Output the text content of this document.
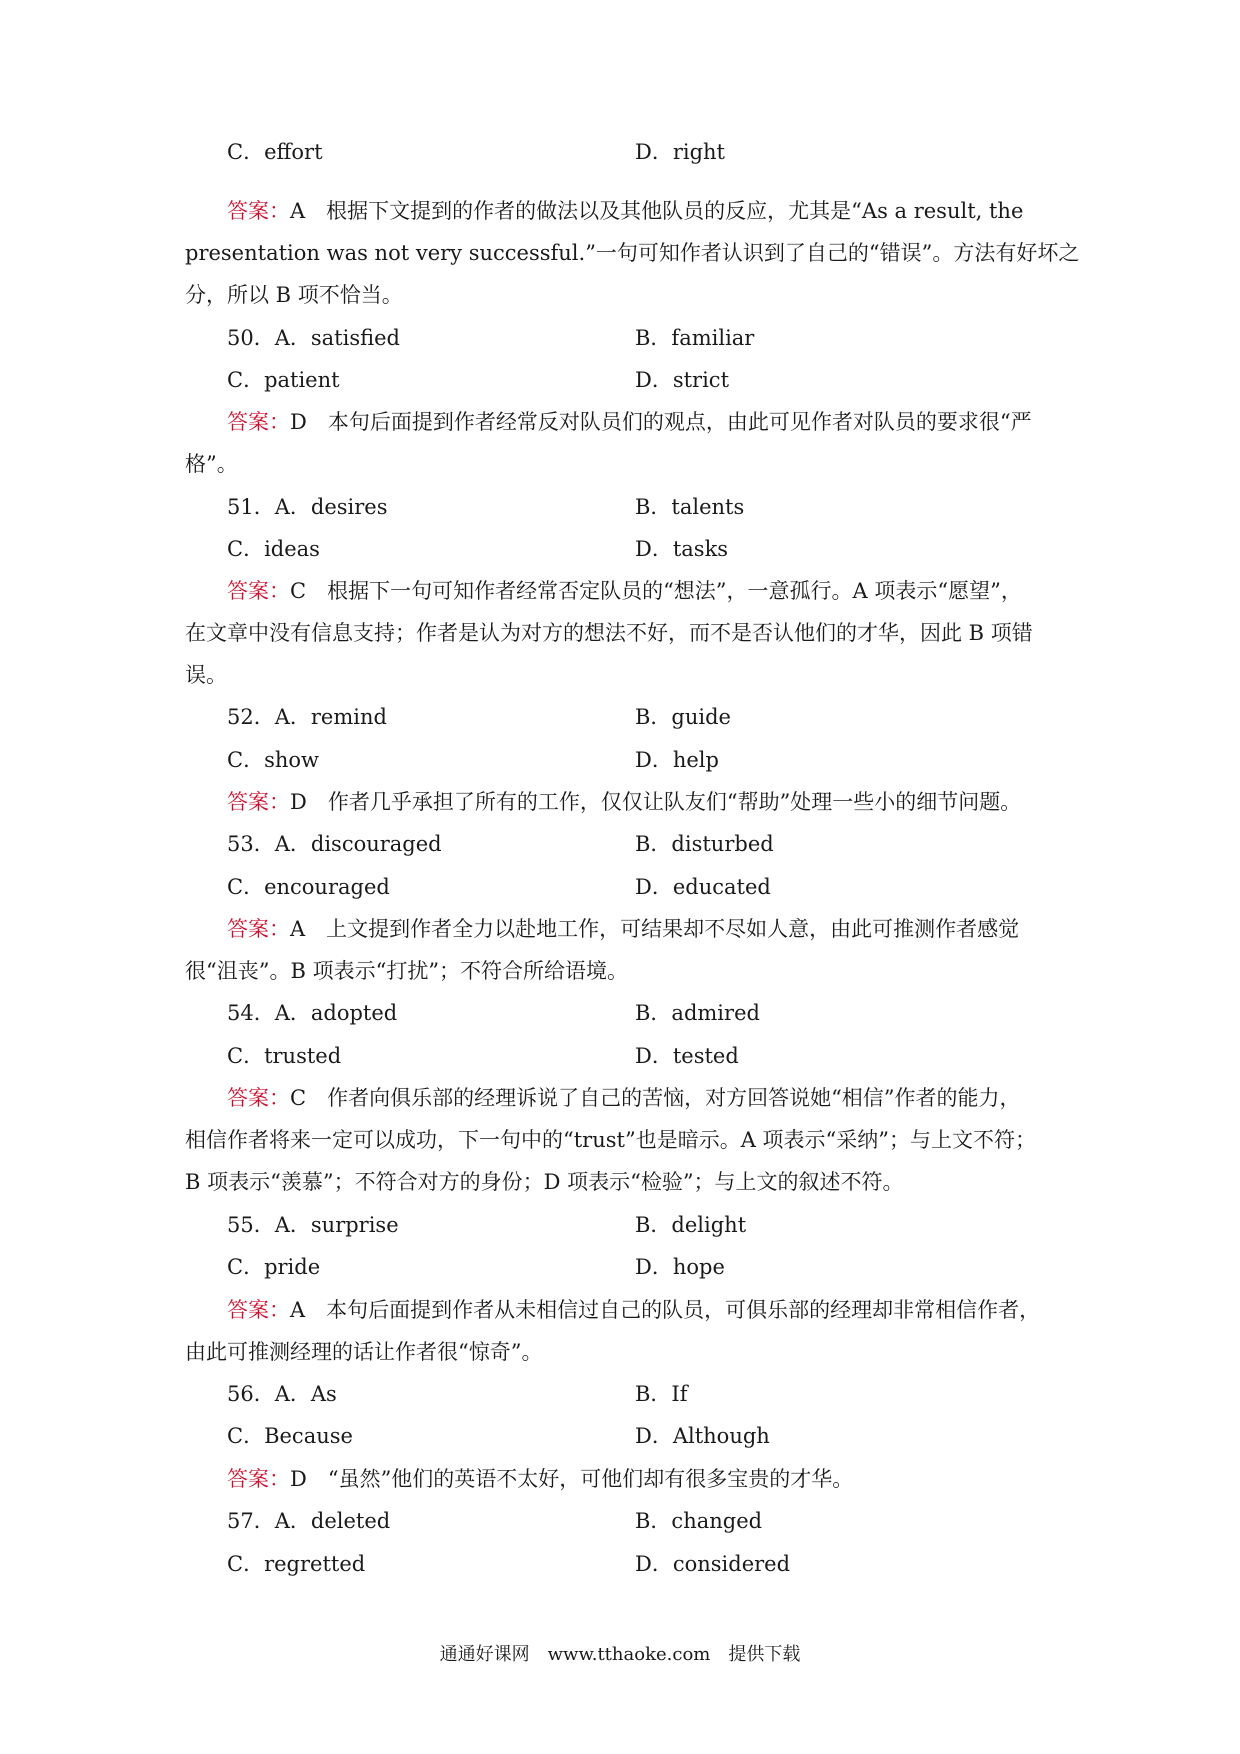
C．effort	D．right
答案：A　根据下文提到的作者的做法以及其他队员的反应，尤其是“As a result, the
presentation was not very successful.”一句可知作者认识到了自己的“错误”。方法有好坏之
分，所以 B 项不恰当。
50．A．satisfied	B．familiar
C．patient	D．strict
答案：D　本句后面提到作者经常反对队员们的观点，由此可见作者对队员的要求很“严
格”。
51．A．desires	B．talents
C．ideas	D．tasks
答案：C　根据下一句可知作者经常否定队员的“想法”，一意孤行。A 项表示“愿望”，
在文章中没有信息支持；作者是认为对方的想法不好，而不是否认他们的才华，因此 B 项错
误。
52．A．remind	B．guide
C．show	D．help
答案：D　作者几乎承担了所有的工作，仅仅让队友们“帮助”处理一些小的细节问题。
53．A．discouraged	B．disturbed
C．encouraged	D．educated
答案：A　上文提到作者全力以赴地工作，可结果却不尽如人意，由此可推测作者感觉
很“沮丧”。B 项表示“打扰”；不符合所给语境。
54．A．adopted	B．admired
C．trusted	D．tested
答案：C　作者向俱乐部的经理诉说了自己的苦恼，对方回答说她“相信”作者的能力，
相信作者将来一定可以成功，下一句中的“trust”也是暗示。A 项表示“采纳”；与上文不符；
B 项表示“羡慕”；不符合对方的身份；D 项表示“检验”；与上文的叙述不符。
55．A．surprise	B．delight
C．pride	D．hope
答案：A　本句后面提到作者从未相信过自己的队员，可俱乐部的经理却非常相信作者，
由此可推测经理的话让作者很“惊奇”。
56．A．As	B．If
C．Because	D．Although
答案：D　“虽然”他们的英语不太好，可他们却有很多宝贵的才华。
57．A．deleted	B．changed
C．regretted	D．considered
通通好课网　www.tthaoke.com　提供下载
